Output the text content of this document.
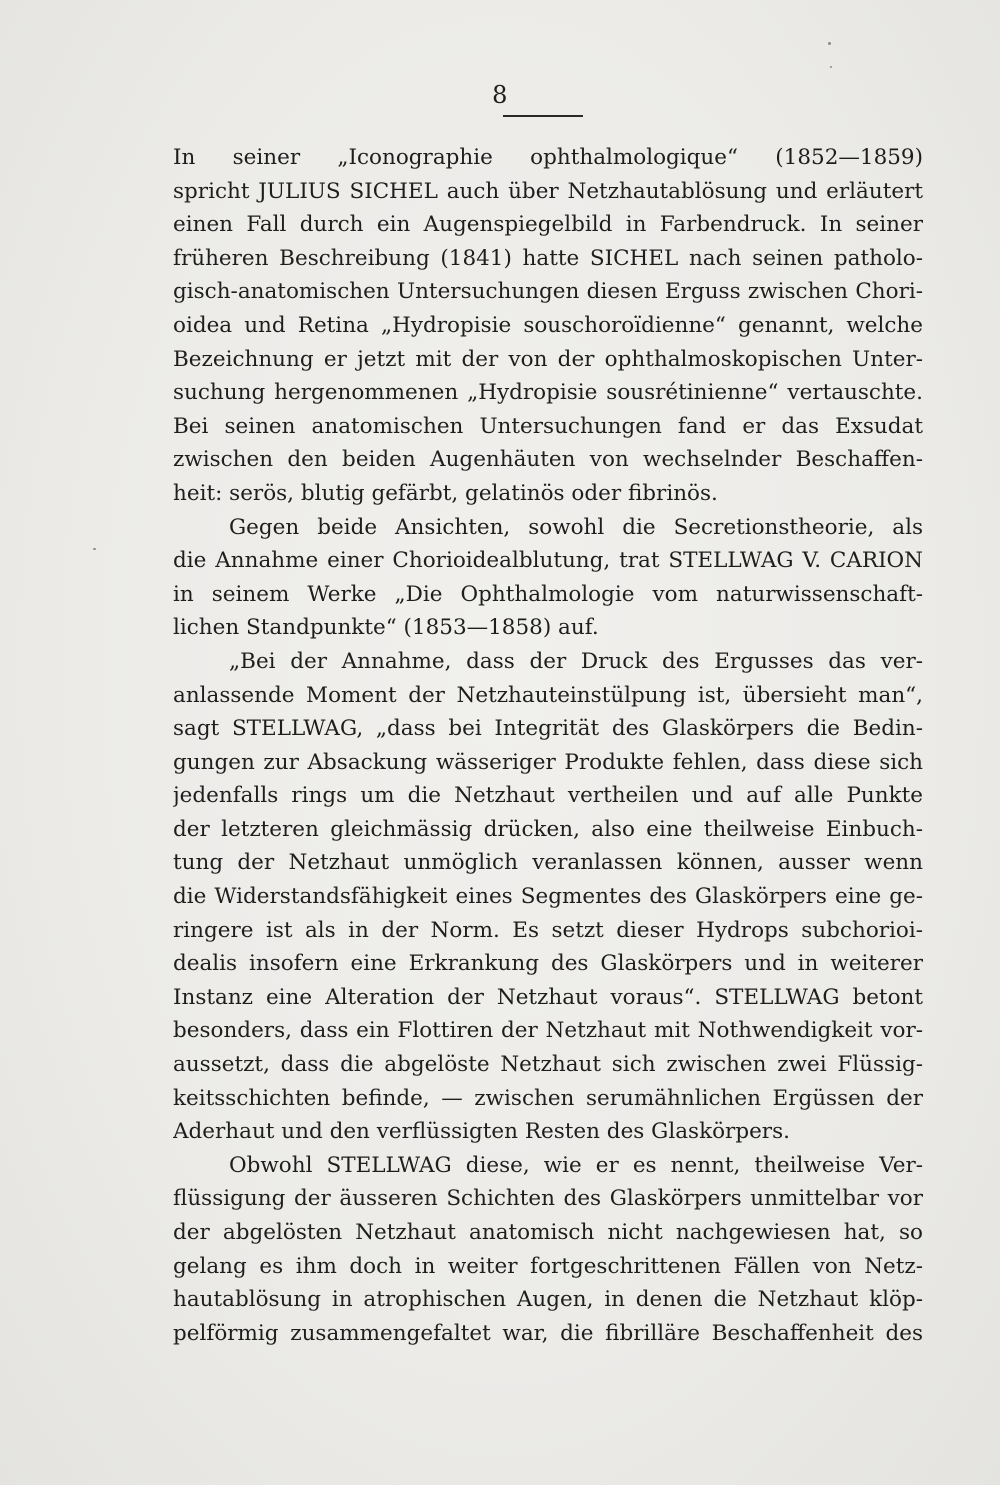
8
In seiner „Iconographie ophthalmologique“ (1852—1859)
spricht JULIUS SICHEL auch über Netzhautablösung und erläutert
einen Fall durch ein Augenspiegelbild in Farbendruck. In seiner
früheren Beschreibung (1841) hatte SICHEL nach seinen patholo-
gisch-anatomischen Untersuchungen diesen Erguss zwischen Chori-
oidea und Retina „Hydropisie souschoroïdienne“ genannt, welche
Bezeichnung er jetzt mit der von der ophthalmoskopischen Unter-
suchung hergenommenen „Hydropisie sousrétinienne“ vertauschte.
Bei seinen anatomischen Untersuchungen fand er das Exsudat
zwischen den beiden Augenhäuten von wechselnder Beschaffen-
heit: serös, blutig gefärbt, gelatinös oder fibrinös.
Gegen beide Ansichten, sowohl die Secretionstheorie, als
die Annahme einer Chorioidealblutung, trat STELLWAG V. CARION
in seinem Werke „Die Ophthalmologie vom naturwissenschaft-
lichen Standpunkte“ (1853—1858) auf.
„Bei der Annahme, dass der Druck des Ergusses das ver-
anlassende Moment der Netzhauteinstülpung ist, übersieht man“,
sagt STELLWAG, „dass bei Integrität des Glaskörpers die Bedin-
gungen zur Absackung wässeriger Produkte fehlen, dass diese sich
jedenfalls rings um die Netzhaut vertheilen und auf alle Punkte
der letzteren gleichmässig drücken, also eine theilweise Einbuch-
tung der Netzhaut unmöglich veranlassen können, ausser wenn
die Widerstandsfähigkeit eines Segmentes des Glaskörpers eine ge-
ringere ist als in der Norm. Es setzt dieser Hydrops subchorioi-
dealis insofern eine Erkrankung des Glaskörpers und in weiterer
Instanz eine Alteration der Netzhaut voraus“. STELLWAG betont
besonders, dass ein Flottiren der Netzhaut mit Nothwendigkeit vor-
aussetzt, dass die abgelöste Netzhaut sich zwischen zwei Flüssig-
keitsschichten befinde, — zwischen serumähnlichen Ergüssen der
Aderhaut und den verflüssigten Resten des Glaskörpers.
Obwohl STELLWAG diese, wie er es nennt, theilweise Ver-
flüssigung der äusseren Schichten des Glaskörpers unmittelbar vor
der abgelösten Netzhaut anatomisch nicht nachgewiesen hat, so
gelang es ihm doch in weiter fortgeschrittenen Fällen von Netz-
hautablösung in atrophischen Augen, in denen die Netzhaut klöp-
pelförmig zusammengefaltet war, die fibrilläre Beschaffenheit des
